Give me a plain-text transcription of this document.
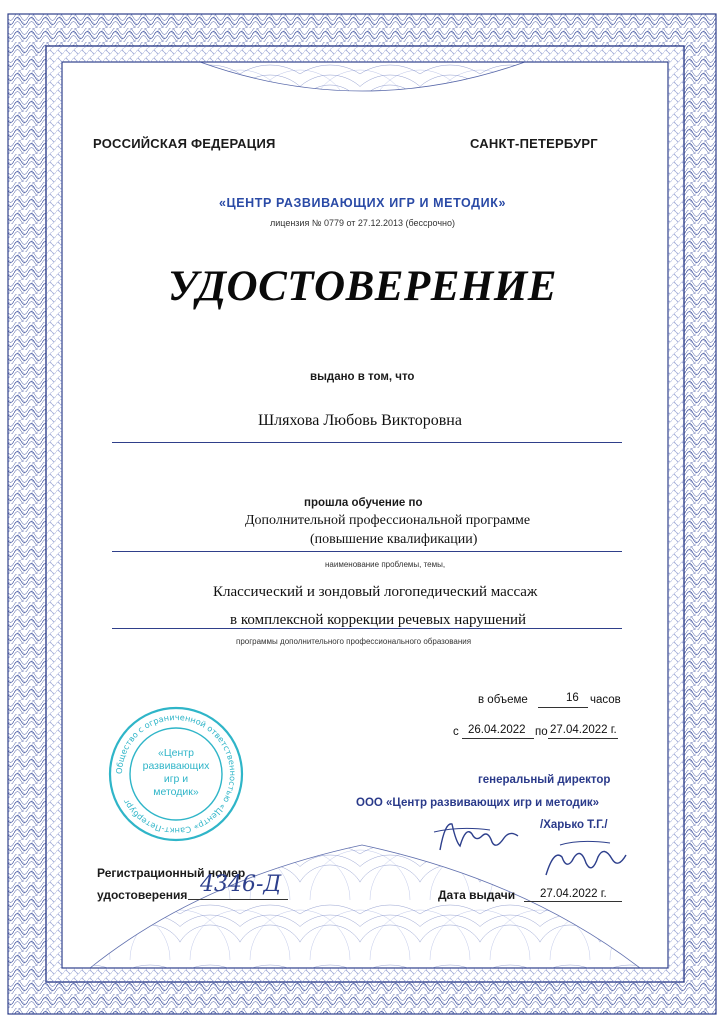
РОССИЙСКАЯ ФЕДЕРАЦИЯ	САНКТ-ПЕТЕРБУРГ
«ЦЕНТР РАЗВИВАЮЩИХ ИГР И МЕТОДИК»
лицензия № 0779 от 27.12.2013 (бессрочно)
УДОСТОВЕРЕНИЕ
выдано в том, что
Шляхова Любовь Викторовна
прошла обучение по
Дополнительной профессиональной программе
(повышение квалификации)
наименование проблемы, темы,
Классический и зондовый логопедический массаж
в комплексной коррекции речевых нарушений
программы дополнительного профессионального образования
в объеме	16 часов
с 26.04.2022 по 27.04.2022 г.
генеральный директор
ООО «Центр развивающих игр и методик»
/Харько Т.Г./
Общество с ограниченной ответственностью «Центр» Санкт-Петербург
«Центр
развивающих
игр и
методик»
Регистрационный номер
удостоверения 4346-Д	Дата выдачи 27.04.2022 г.
